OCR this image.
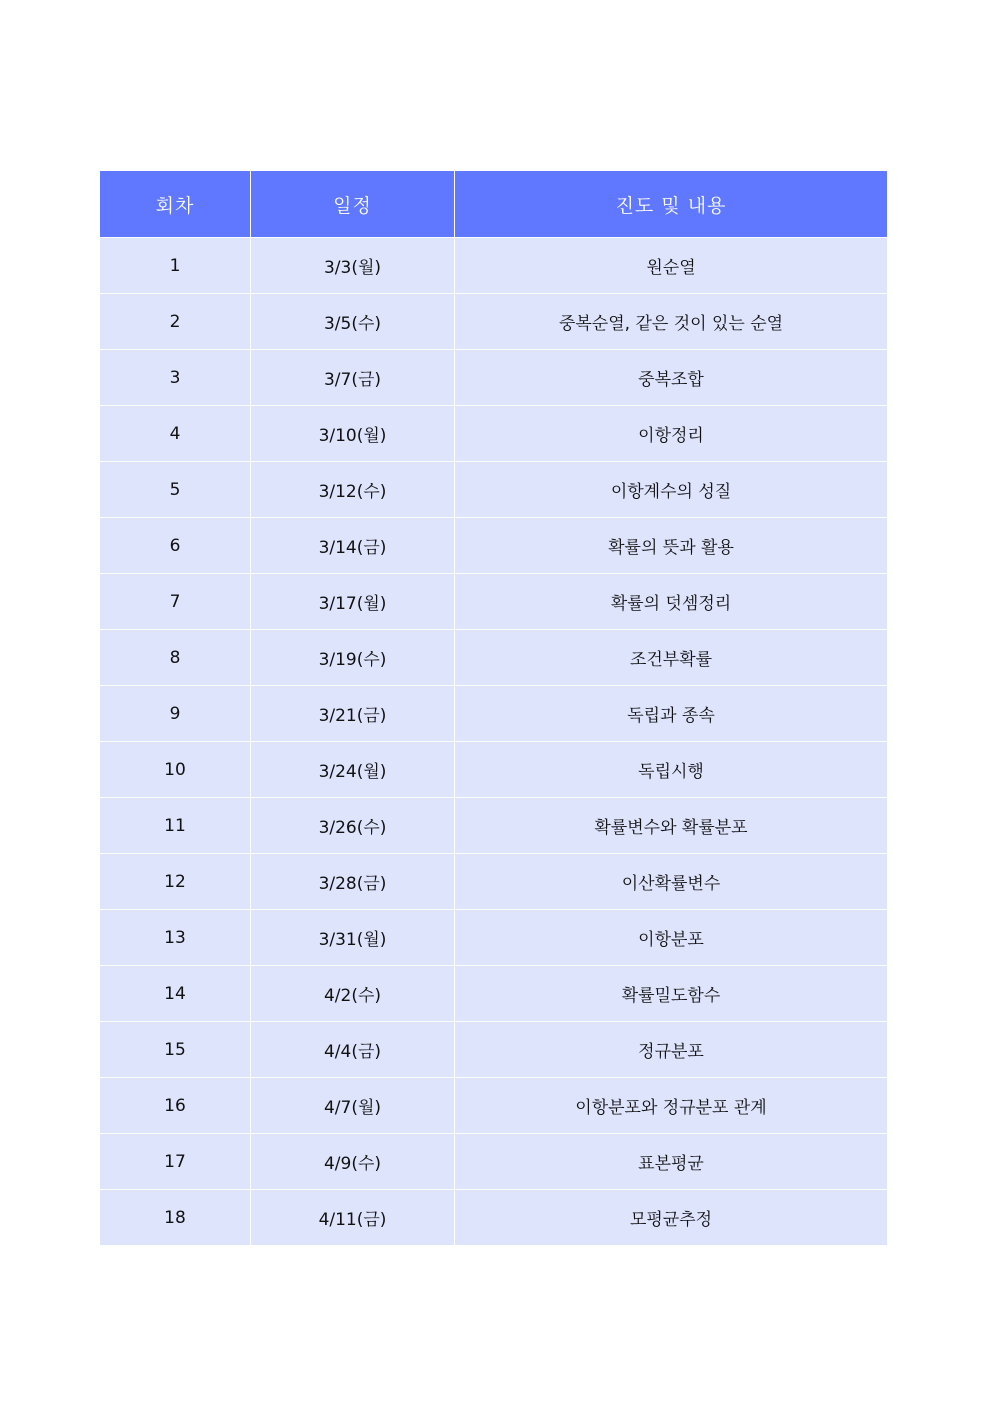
회차	일정	진도 및 내용
1	3/3(월)	원순열
2	3/5(수)	중복순열, 같은 것이 있는 순열
3	3/7(금)	중복조합
4	3/10(월)	이항정리
5	3/12(수)	이항계수의 성질
6	3/14(금)	확률의 뜻과 활용
7	3/17(월)	확률의 덧셈정리
8	3/19(수)	조건부확률
9	3/21(금)	독립과 종속
10	3/24(월)	독립시행
11	3/26(수)	확률변수와 확률분포
12	3/28(금)	이산확률변수
13	3/31(월)	이항분포
14	4/2(수)	확률밀도함수
15	4/4(금)	정규분포
16	4/7(월)	이항분포와 정규분포 관계
17	4/9(수)	표본평균
18	4/11(금)	모평균추정
